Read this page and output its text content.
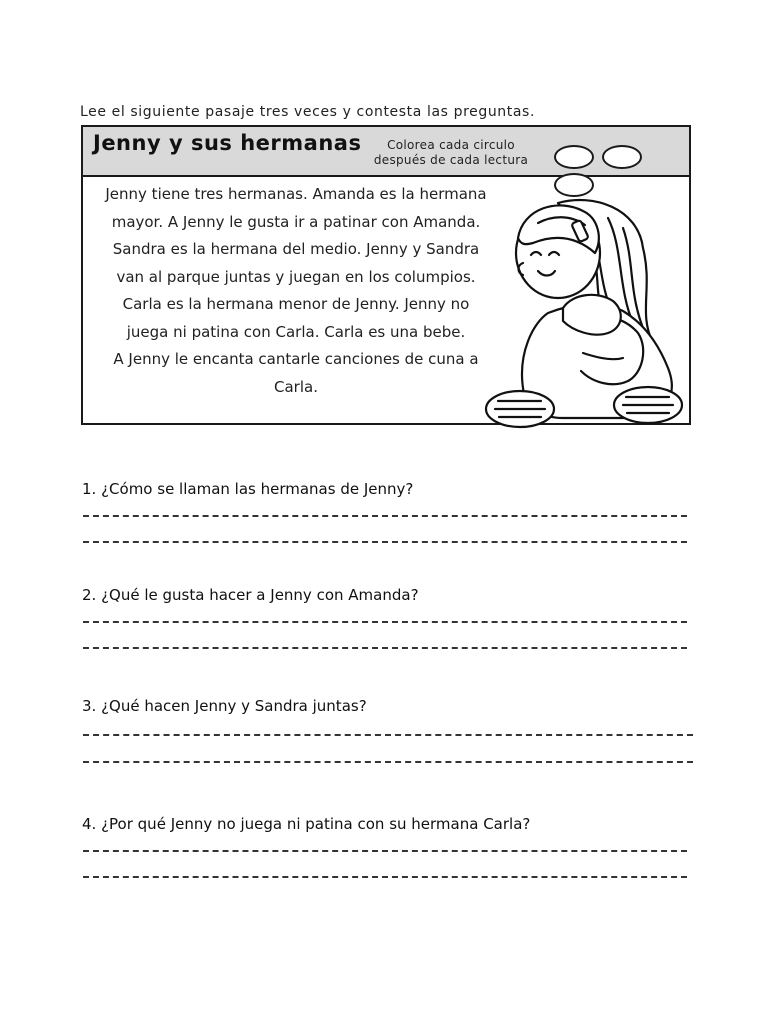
Lee el siguiente pasaje tres veces y contesta las preguntas.
Jenny y sus hermanas	Colorea cada circulo
después de cada lectura

Jenny tiene tres hermanas. Amanda es la hermana
mayor. A Jenny le gusta ir a patinar con Amanda.
Sandra es la hermana del medio. Jenny y Sandra
van al parque juntas y juegan en los columpios.
Carla es la hermana menor de Jenny. Jenny no
juega ni patina con Carla. Carla es una bebe.
A Jenny le encanta cantarle canciones de cuna a
Carla.
1. ¿Cómo se llaman las hermanas de Jenny?
2. ¿Qué le gusta hacer a Jenny con Amanda?
3. ¿Qué hacen Jenny y Sandra juntas?
4. ¿Por qué Jenny no juega ni patina con su hermana Carla?
